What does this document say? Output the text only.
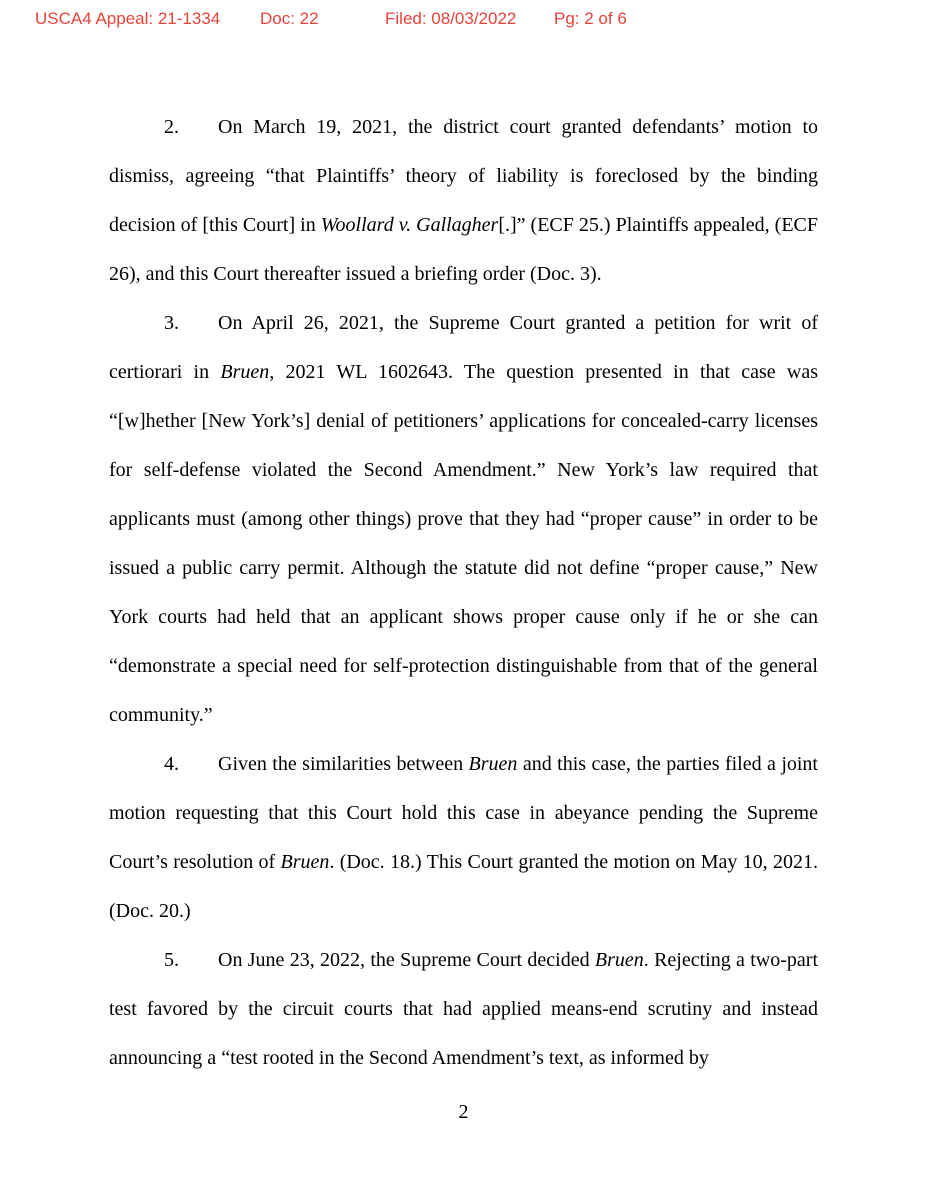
USCA4 Appeal: 21-1334 Doc: 22	Filed: 08/03/2022 Pg: 2 of 6

2. On March 19, 2021, the district court granted defendants’ motion to dismiss, agreeing “that Plaintiffs’ theory of liability is foreclosed by the binding decision of [this Court] in Woollard v. Gallagher[.]” (ECF 25.) Plaintiffs appealed, (ECF 26), and this Court thereafter issued a briefing order (Doc. 3).

3. On April 26, 2021, the Supreme Court granted a petition for writ of certiorari in Bruen, 2021 WL 1602643. The question presented in that case was “[w]hether [New York’s] denial of petitioners’ applications for concealed-carry licenses for self-defense violated the Second Amendment.” New York’s law required that applicants must (among other things) prove that they had “proper cause” in order to be issued a public carry permit. Although the statute did not define “proper cause,” New York courts had held that an applicant shows proper cause only if he or she can “demonstrate a special need for self-protection distinguishable from that of the general community.”

4. Given the similarities between Bruen and this case, the parties filed a joint motion requesting that this Court hold this case in abeyance pending the Supreme Court’s resolution of Bruen. (Doc. 18.) This Court granted the motion on May 10, 2021. (Doc. 20.)

5. On June 23, 2022, the Supreme Court decided Bruen. Rejecting a two-part test favored by the circuit courts that had applied means-end scrutiny and instead announcing a “test rooted in the Second Amendment’s text, as informed by

2
